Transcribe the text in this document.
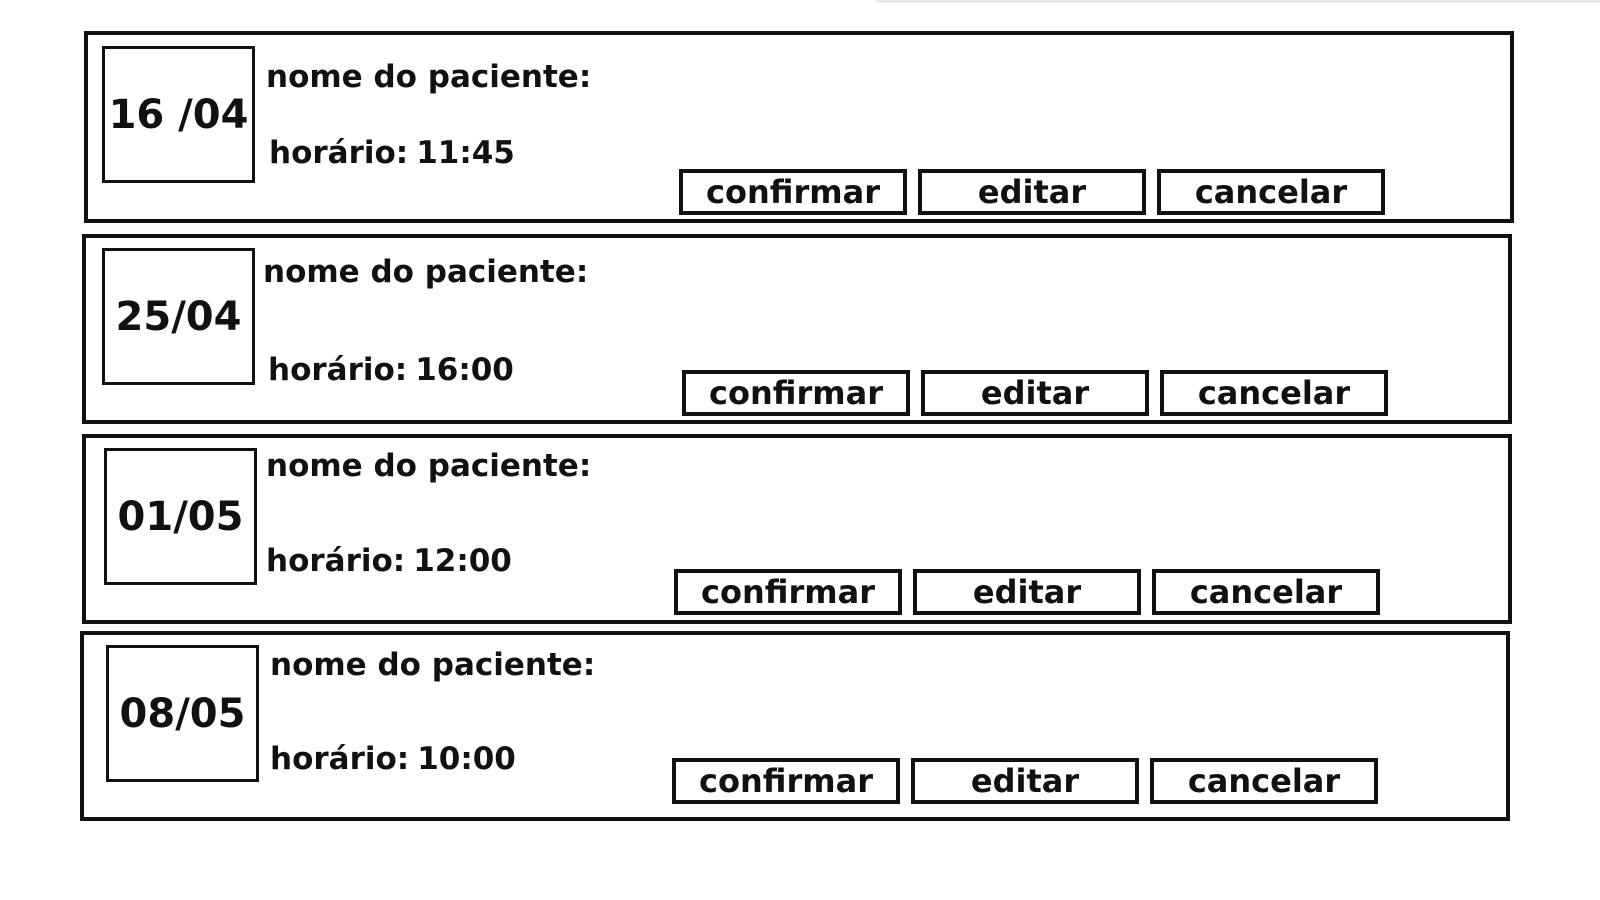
16 /04
nome do paciente:
horário: 11:45
confirmar	editar	cancelar
25/04
nome do paciente:
horário: 16:00
confirmar	editar	cancelar
01/05
nome do paciente:
horário: 12:00
confirmar	editar	cancelar
08/05
nome do paciente:
horário: 10:00
confirmar	editar	cancelar
